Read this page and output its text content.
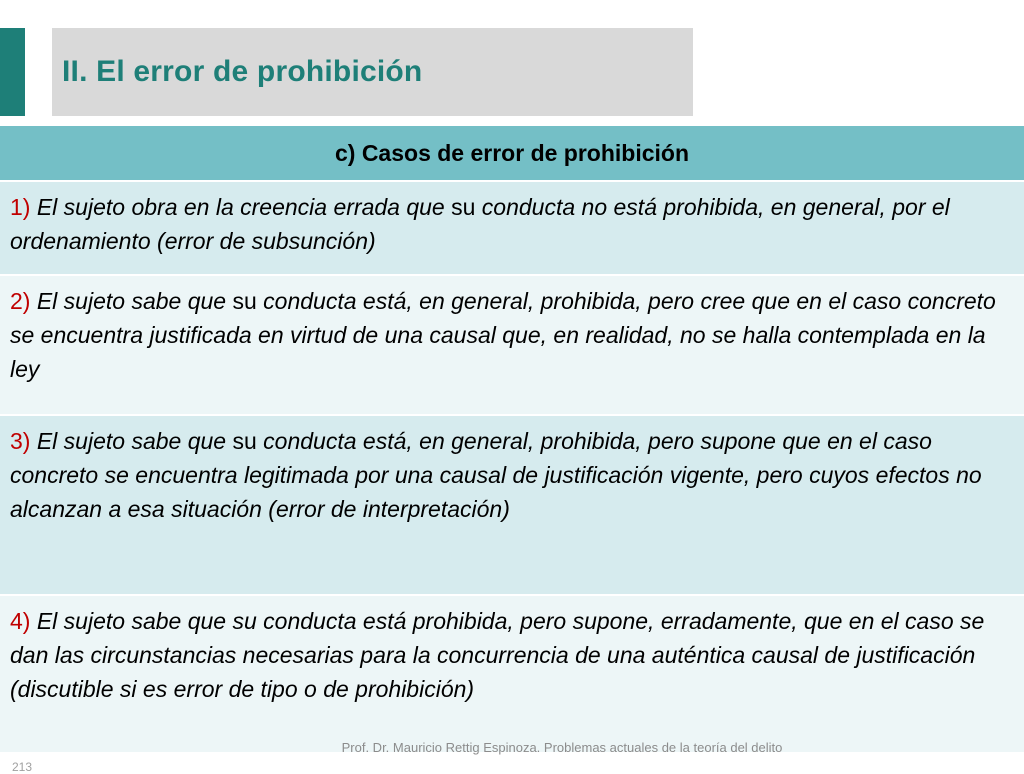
II. El error de prohibición
c) Casos de error de prohibición
1) El sujeto obra en la creencia errada que su conducta no está prohibida, en general, por el ordenamiento (error de subsunción)
2) El sujeto sabe que su conducta está, en general, prohibida, pero cree que en el caso concreto se encuentra justificada en virtud de una causal que, en realidad, no se halla contemplada en la ley
3) El sujeto sabe que su conducta está, en general, prohibida, pero supone que en el caso concreto se encuentra legitimada por una causal de justificación vigente, pero cuyos efectos no alcanzan a esa situación (error de interpretación)
4) El sujeto sabe que su conducta está prohibida, pero supone, erradamente, que en el caso se dan las circunstancias necesarias para la concurrencia de una auténtica causal de justificación (discutible si es error de tipo o de prohibición)
Prof. Dr. Mauricio Rettig Espinoza. Problemas actuales de la teoría del delito
213
